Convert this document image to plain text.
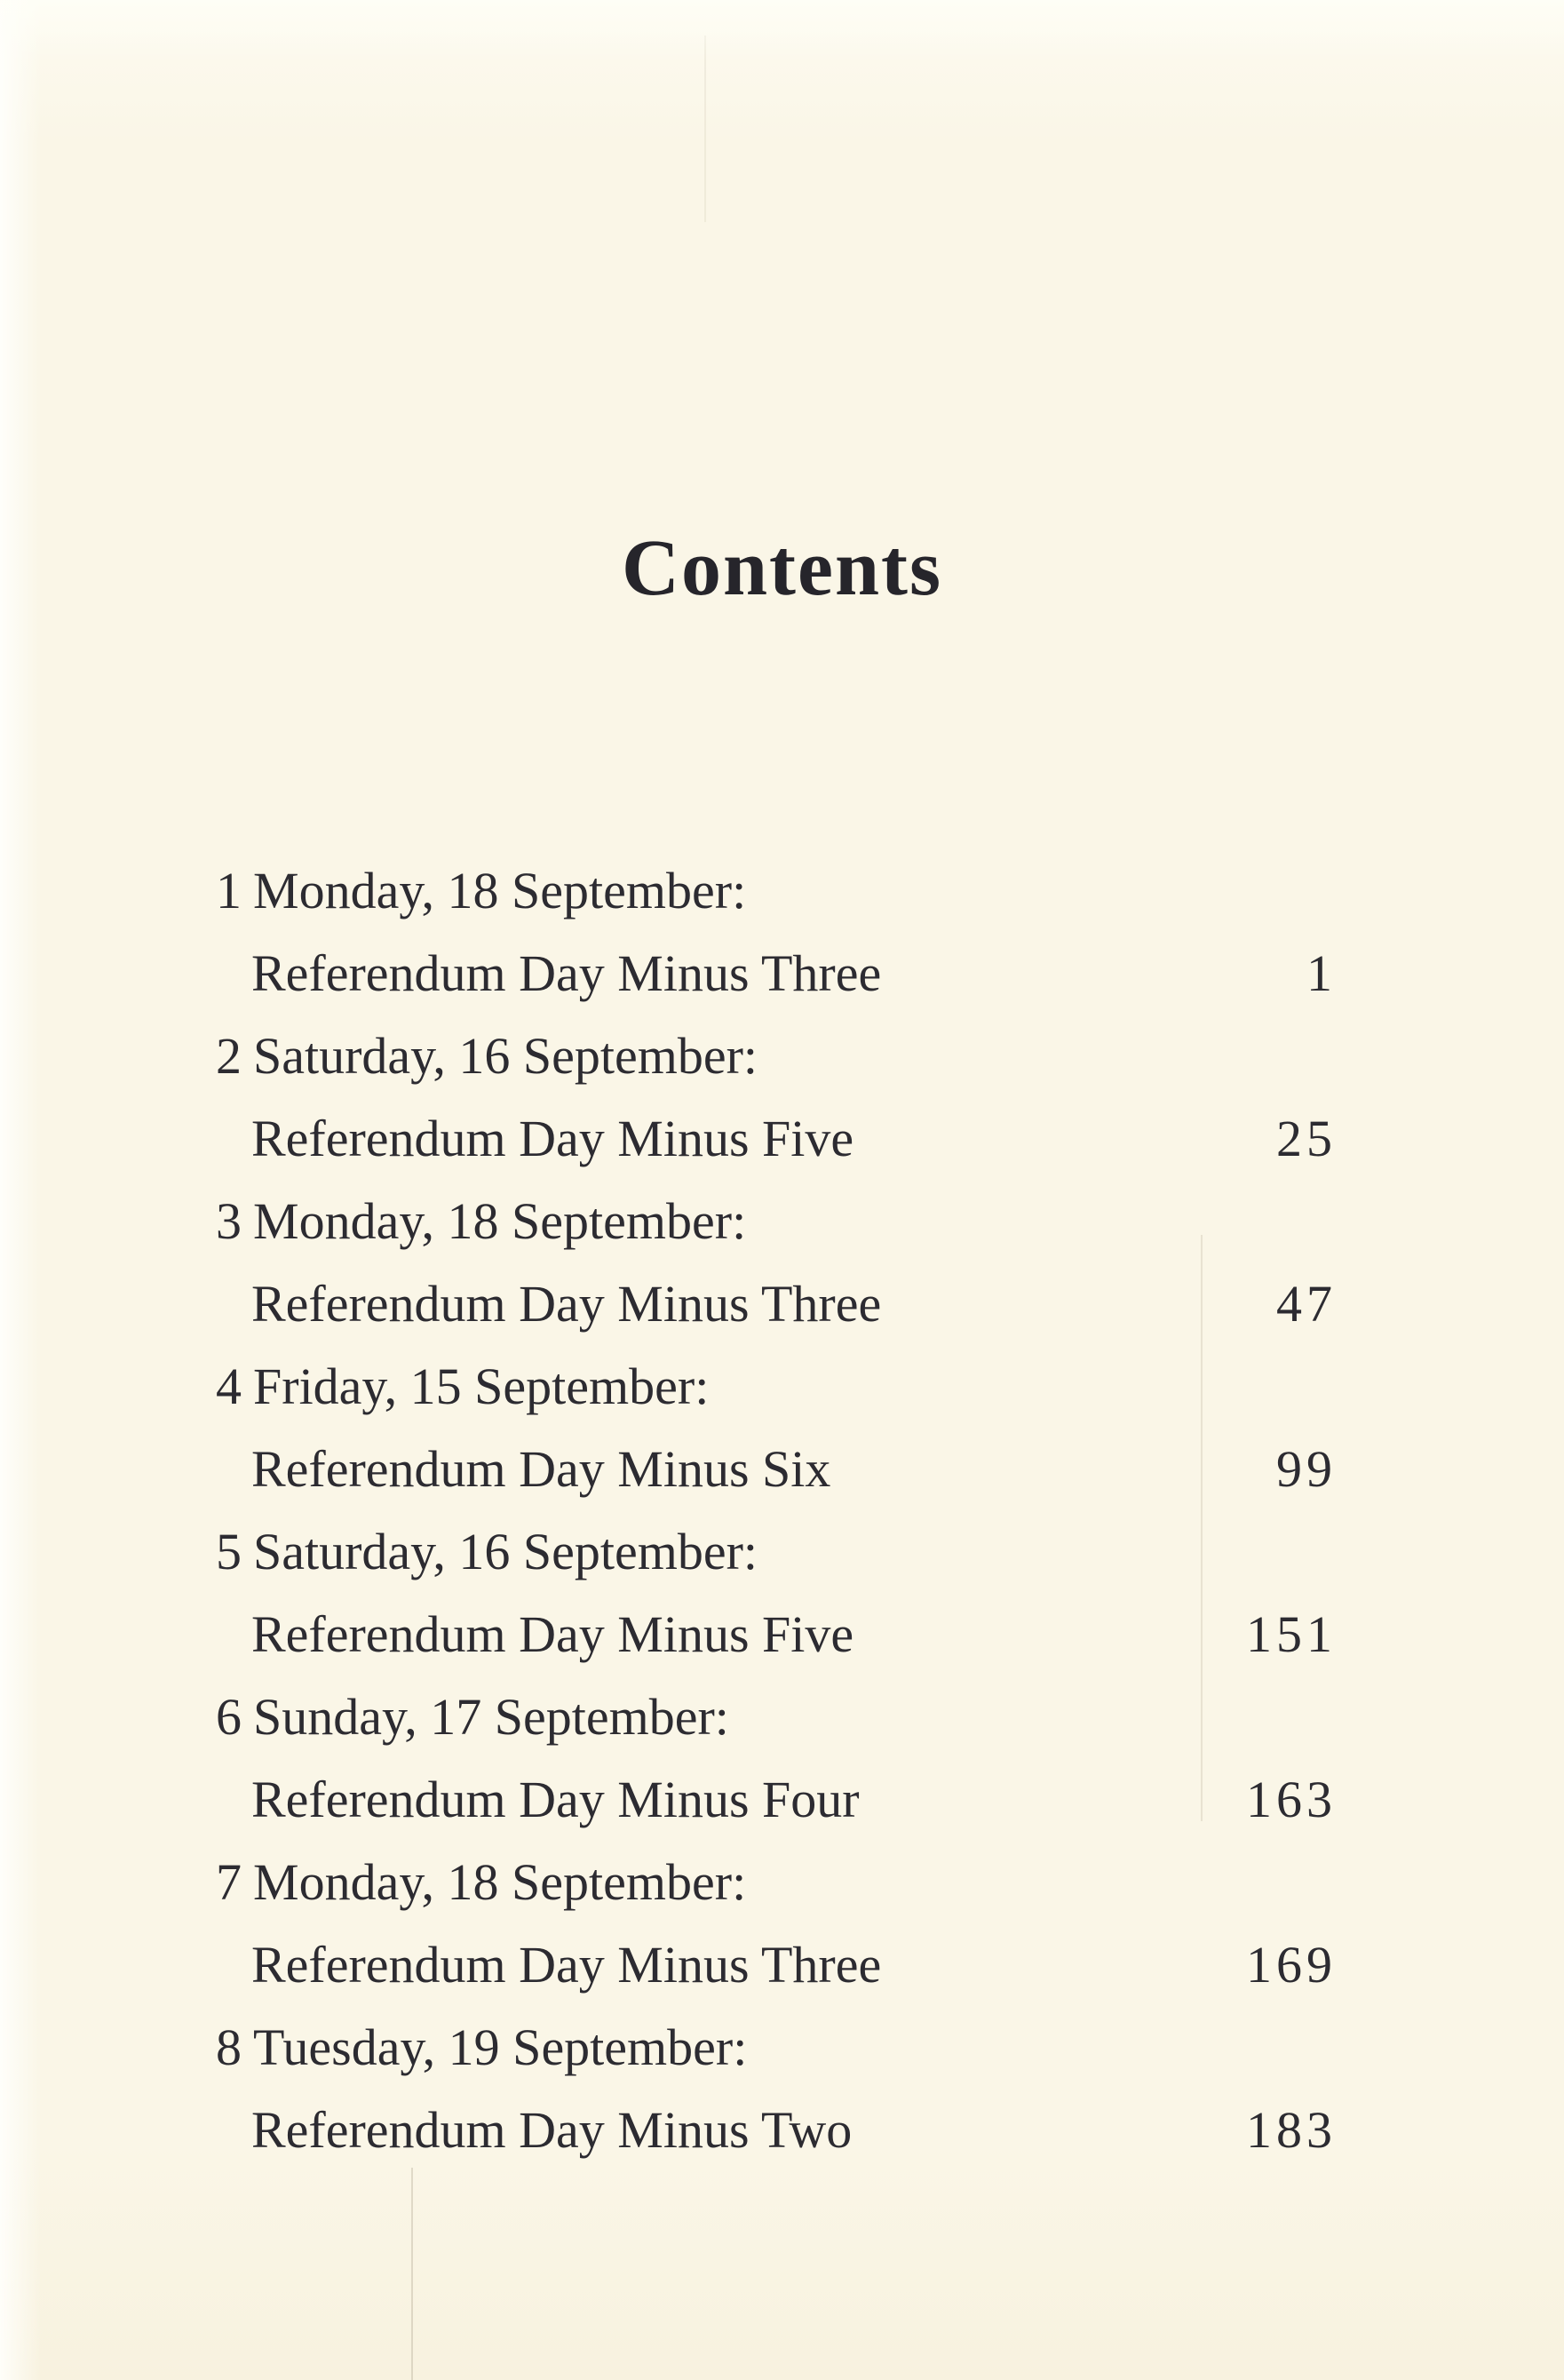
Contents
1 Monday, 18 September:
Referendum Day Minus Three	1
2 Saturday, 16 September:
Referendum Day Minus Five	25
3 Monday, 18 September:
Referendum Day Minus Three	47
4 Friday, 15 September:
Referendum Day Minus Six	99
5 Saturday, 16 September:
Referendum Day Minus Five	151
6 Sunday, 17 September:
Referendum Day Minus Four	163
7 Monday, 18 September:
Referendum Day Minus Three	169
8 Tuesday, 19 September:
Referendum Day Minus Two	183
